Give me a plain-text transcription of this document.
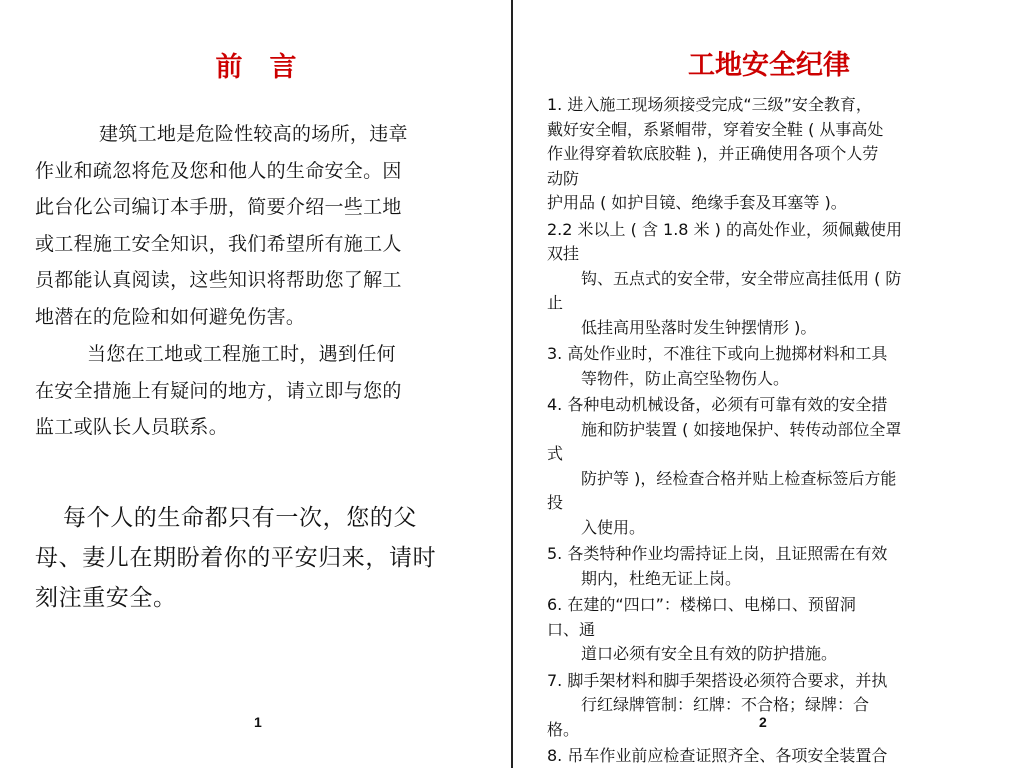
前　言
建筑工地是危险性较高的场所，违章
作业和疏忽将危及您和他人的生命安全。因
此台化公司编订本手册，简要介绍一些工地
或工程施工安全知识，我们希望所有施工人
员都能认真阅读，这些知识将帮助您了解工
地潜在的危险和如何避免伤害。
当您在工地或工程施工时，遇到任何
在安全措施上有疑问的地方，请立即与您的
监工或队长人员联系。
每个人的生命都只有一次，您的父
母、妻儿在期盼着你的平安归来，请时
刻注重安全。
1
工地安全纪律
1. 进入施工现场须接受完成“三级”安全教育，
戴好安全帽，系紧帽带，穿着安全鞋 ( 从事高处
作业得穿着软底胶鞋 )，并正确使用各项个人劳
动防
护用品 ( 如护目镜、绝缘手套及耳塞等 )。
2.2 米以上 ( 含 1.8 米 ) 的高处作业，须佩戴使用
双挂
钩、五点式的安全带，安全带应高挂低用 ( 防
止
低挂高用坠落时发生钟摆情形 )。
3. 高处作业时，不准往下或向上抛掷材料和工具
等物件，防止高空坠物伤人。
4. 各种电动机械设备，必须有可靠有效的安全措
施和防护装置 ( 如接地保护、转传动部位全罩
式
防护等 )，经检查合格并贴上检查标签后方能
投
入使用。
5. 各类特种作业均需持证上岗，且证照需在有效
期内，杜绝无证上岗。
6. 在建的“四口”：楼梯口、电梯口、预留洞
口、通
道口必须有安全且有效的防护措施。
7. 脚手架材料和脚手架搭设必须符合要求，并执
行红绿牌管制：红牌：不合格；绿牌：合
格。
8. 吊车作业前应检查证照齐全、各项安全装置合
2
